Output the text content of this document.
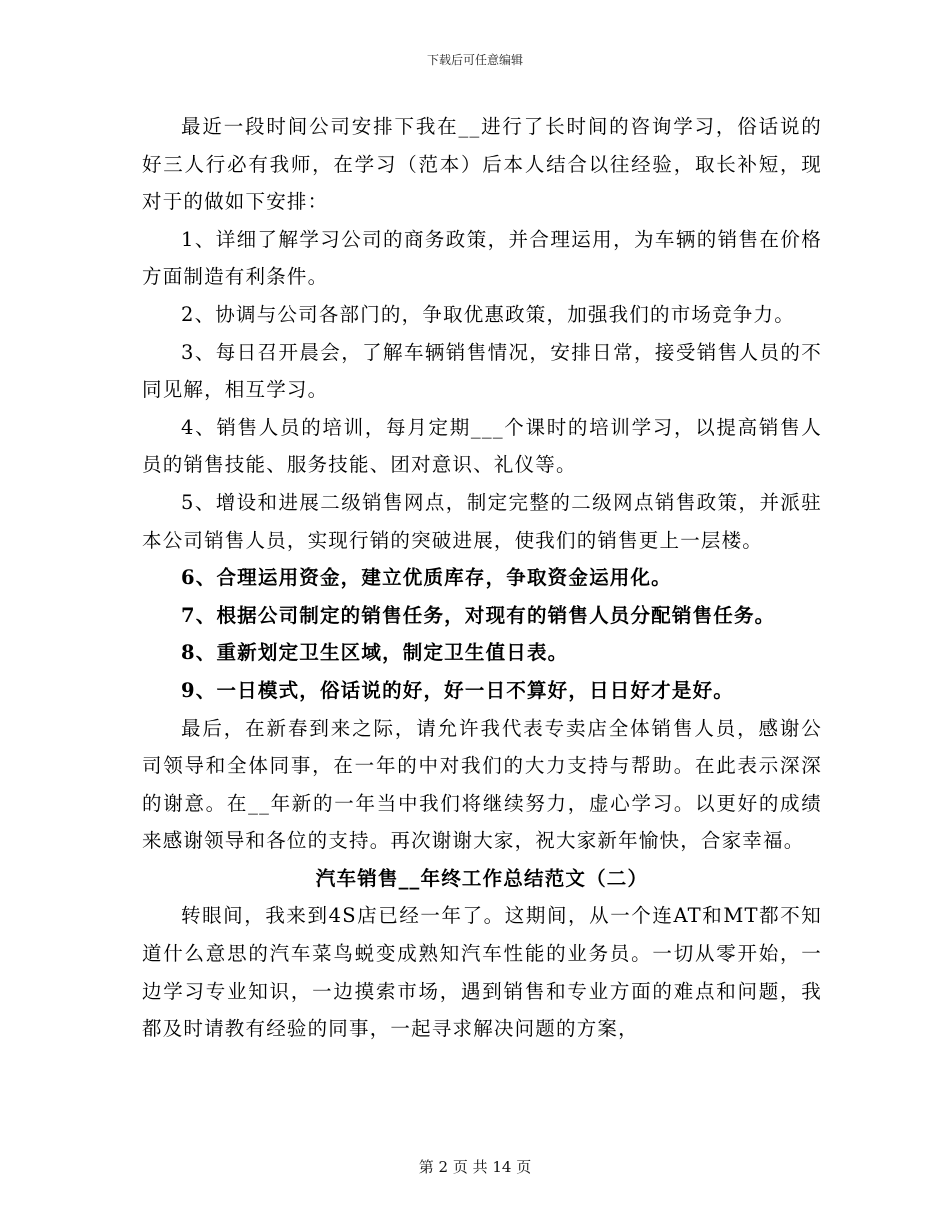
下载后可任意编辑

最近一段时间公司安排下我在__进行了长时间的咨询学习，俗话说的好三人行必有我师，在学习（范本）后本人结合以往经验，取长补短，现对于的做如下安排：

1、详细了解学习公司的商务政策，并合理运用，为车辆的销售在价格方面制造有利条件。

2、协调与公司各部门的，争取优惠政策，加强我们的市场竞争力。

3、每日召开晨会，了解车辆销售情况，安排日常，接受销售人员的不同见解，相互学习。

4、销售人员的培训，每月定期___个课时的培训学习，以提高销售人员的销售技能、服务技能、团对意识、礼仪等。

5、增设和进展二级销售网点，制定完整的二级网点销售政策，并派驻本公司销售人员，实现行销的突破进展，使我们的销售更上一层楼。

6、合理运用资金，建立优质库存，争取资金运用化。

7、根据公司制定的销售任务，对现有的销售人员分配销售任务。

8、重新划定卫生区域，制定卫生值日表。

9、一日模式，俗话说的好，好一日不算好，日日好才是好。

最后，在新春到来之际，请允许我代表专卖店全体销售人员，感谢公司领导和全体同事，在一年的中对我们的大力支持与帮助。在此表示深深的谢意。在__年新的一年当中我们将继续努力，虚心学习。以更好的成绩来感谢领导和各位的支持。再次谢谢大家，祝大家新年愉快，合家幸福。

汽车销售__年终工作总结范文（二）

转眼间，我来到4S店已经一年了。这期间，从一个连AT和MT都不知道什么意思的汽车菜鸟蜕变成熟知汽车性能的业务员。一切从零开始，一边学习专业知识，一边摸索市场，遇到销售和专业方面的难点和问题，我都及时请教有经验的同事，一起寻求解决问题的方案，

第 2 页 共 14 页
